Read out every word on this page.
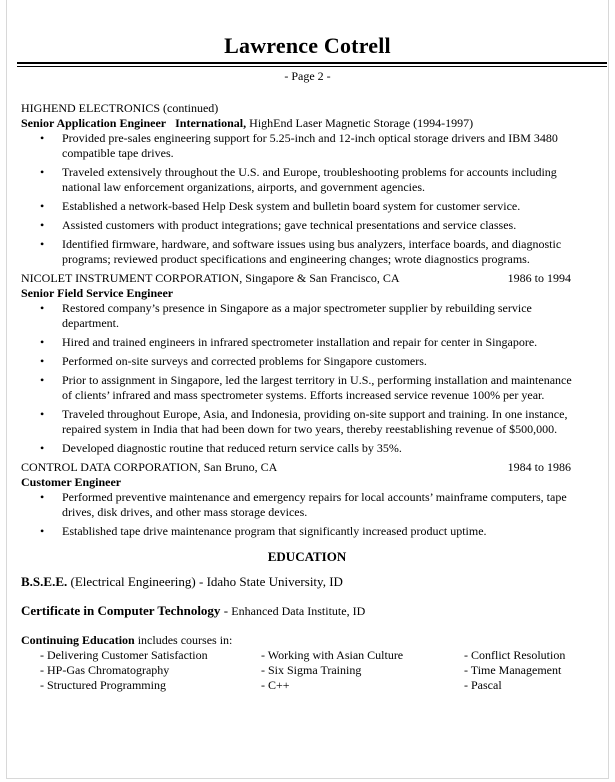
Lawrence Cotrell
- Page 2 -
HIGHEND ELECTRONICS (continued)
Senior Application Engineer International, HighEnd Laser Magnetic Storage (1994-1997)
• Provided pre-sales engineering support for 5.25-inch and 12-inch optical storage drivers and IBM 3480
compatible tape drives.
• Traveled extensively throughout the U.S. and Europe, troubleshooting problems for accounts including
national law enforcement organizations, airports, and government agencies.
• Established a network-based Help Desk system and bulletin board system for customer service.
• Assisted customers with product integrations; gave technical presentations and service classes.
• Identified firmware, hardware, and software issues using bus analyzers, interface boards, and diagnostic
programs; reviewed product specifications and engineering changes; wrote diagnostics programs.
NICOLET INSTRUMENT CORPORATION, Singapore & San Francisco, CA	1986 to 1994
Senior Field Service Engineer
• Restored company’s presence in Singapore as a major spectrometer supplier by rebuilding service
department.
• Hired and trained engineers in infrared spectrometer installation and repair for center in Singapore.
• Performed on-site surveys and corrected problems for Singapore customers.
• Prior to assignment in Singapore, led the largest territory in U.S., performing installation and maintenance
of clients’ infrared and mass spectrometer systems. Efforts increased service revenue 100% per year.
• Traveled throughout Europe, Asia, and Indonesia, providing on-site support and training. In one instance,
repaired system in India that had been down for two years, thereby reestablishing revenue of $500,000.
• Developed diagnostic routine that reduced return service calls by 35%.
CONTROL DATA CORPORATION, San Bruno, CA	1984 to 1986
Customer Engineer
• Performed preventive maintenance and emergency repairs for local accounts’ mainframe computers, tape
drives, disk drives, and other mass storage devices.
• Established tape drive maintenance program that significantly increased product uptime.
EDUCATION
B.S.E.E. (Electrical Engineering) - Idaho State University, ID
Certificate in Computer Technology - Enhanced Data Institute, ID
Continuing Education includes courses in:
- Delivering Customer Satisfaction
- HP-Gas Chromatography
- Structured Programming
- Working with Asian Culture
- Six Sigma Training
- C++
- Conflict Resolution
- Time Management
- Pascal
